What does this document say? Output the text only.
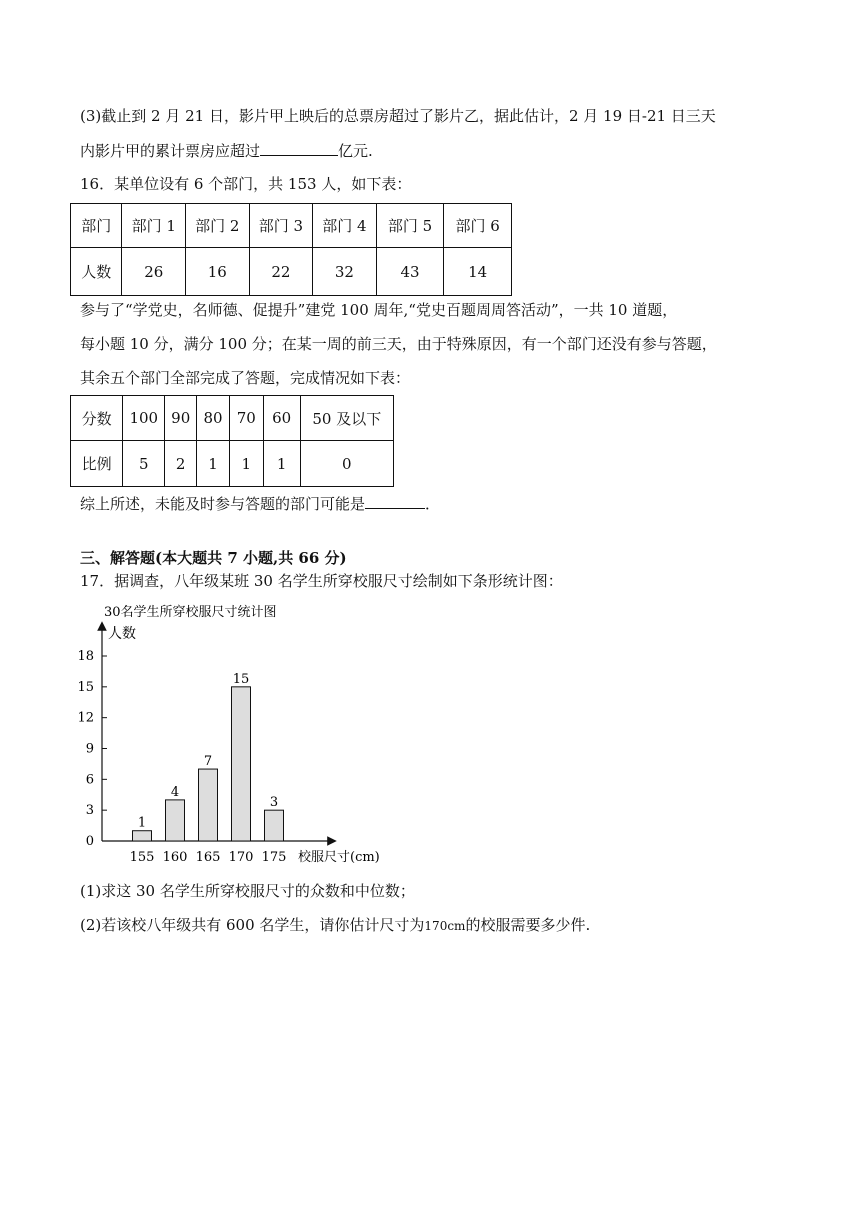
(3)截止到 2 月 21 日，影片甲上映后的总票房超过了影片乙，据此估计，2 月 19 日-21 日三天
内影片甲的累计票房应超过	亿元.
16．某单位设有 6 个部门，共 153 人，如下表：
部门	部门 1	部门 2	部门 3	部门 4	部门 5	部门 6
人数	26	16	22	32	43	14
参与了“学党史，名师德、促提升”建党 100 周年,“党史百题周周答活动”，一共 10 道题，
每小题 10 分，满分 100 分；在某一周的前三天，由于特殊原因，有一个部门还没有参与答题，
其余五个部门全部完成了答题，完成情况如下表：
分数	100	90	80	70	60	50 及以下
比例	5	2	1	1	1	0
综上所述，未能及时参与答题的部门可能是	．
三、解答题(本大题共 7 小题,共 66 分)
17．据调查，八年级某班 30 名学生所穿校服尺寸绘制如下条形统计图：
30名学生所穿校服尺寸统计图
人数
0
3
6
9
12
15
18
1
4
7
15
3
155 160 165 170 175 校服尺寸(cm)
(1)求这 30 名学生所穿校服尺寸的众数和中位数；
(2)若该校八年级共有 600 名学生，请你估计尺寸为170cm的校服需要多少件.
